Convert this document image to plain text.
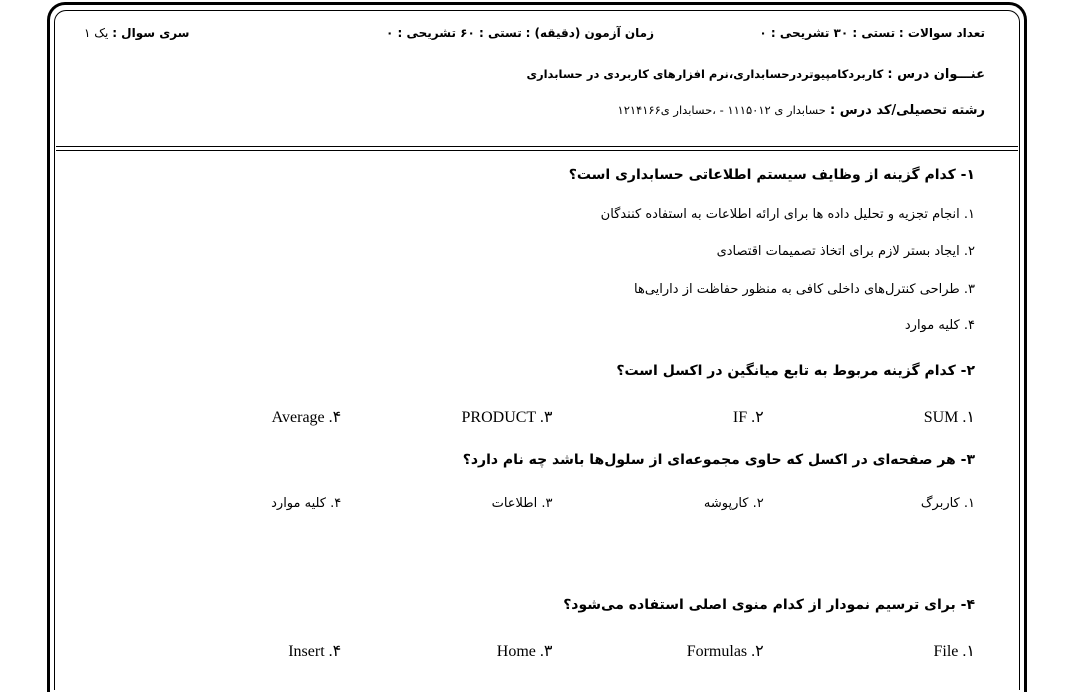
تعداد سوالات : تستی : ۳۰ تشریحی : ۰
زمان آزمون (دقیقه) : تستی : ۶۰ تشریحی : ۰
سری سوال : یک ۱
عنـــوان درس : کاربردکامپیوتردرحسابداری،نرم افزارهای کاربردی در حسابداری
رشته تحصیلی/کد درس : حسابدار ی ۱۱۱۵۰۱۲ - ،حسابدار ی۱۲۱۴۱۶۶
۱- کدام گزینه از وظایف سیستم اطلاعاتی حسابداری است؟
۱. انجام تجزیه و تحلیل داده ها برای ارائه اطلاعات به استفاده کنندگان
۲. ایجاد بستر لازم برای اتخاذ تصمیمات اقتصادی
۳. طراحی کنترل‌های داخلی کافی به منظور حفاظت از دارایی‌ها
۴. کلیه موارد
۲- کدام گزینه مربوط به تابع میانگین در اکسل است؟
SUM .۱
IF .۲
PRODUCT .۳
Average .۴
۳- هر صفحه‌ای در اکسل که حاوی مجموعه‌ای از سلول‌ها باشد چه نام دارد؟
۱. کاربرگ
۲. کارپوشه
۳. اطلاعات
۴. کلیه موارد
۴- برای ترسیم نمودار از کدام منوی اصلی استفاده می‌شود؟
File .۱
Formulas .۲
Home .۳
Insert .۴
